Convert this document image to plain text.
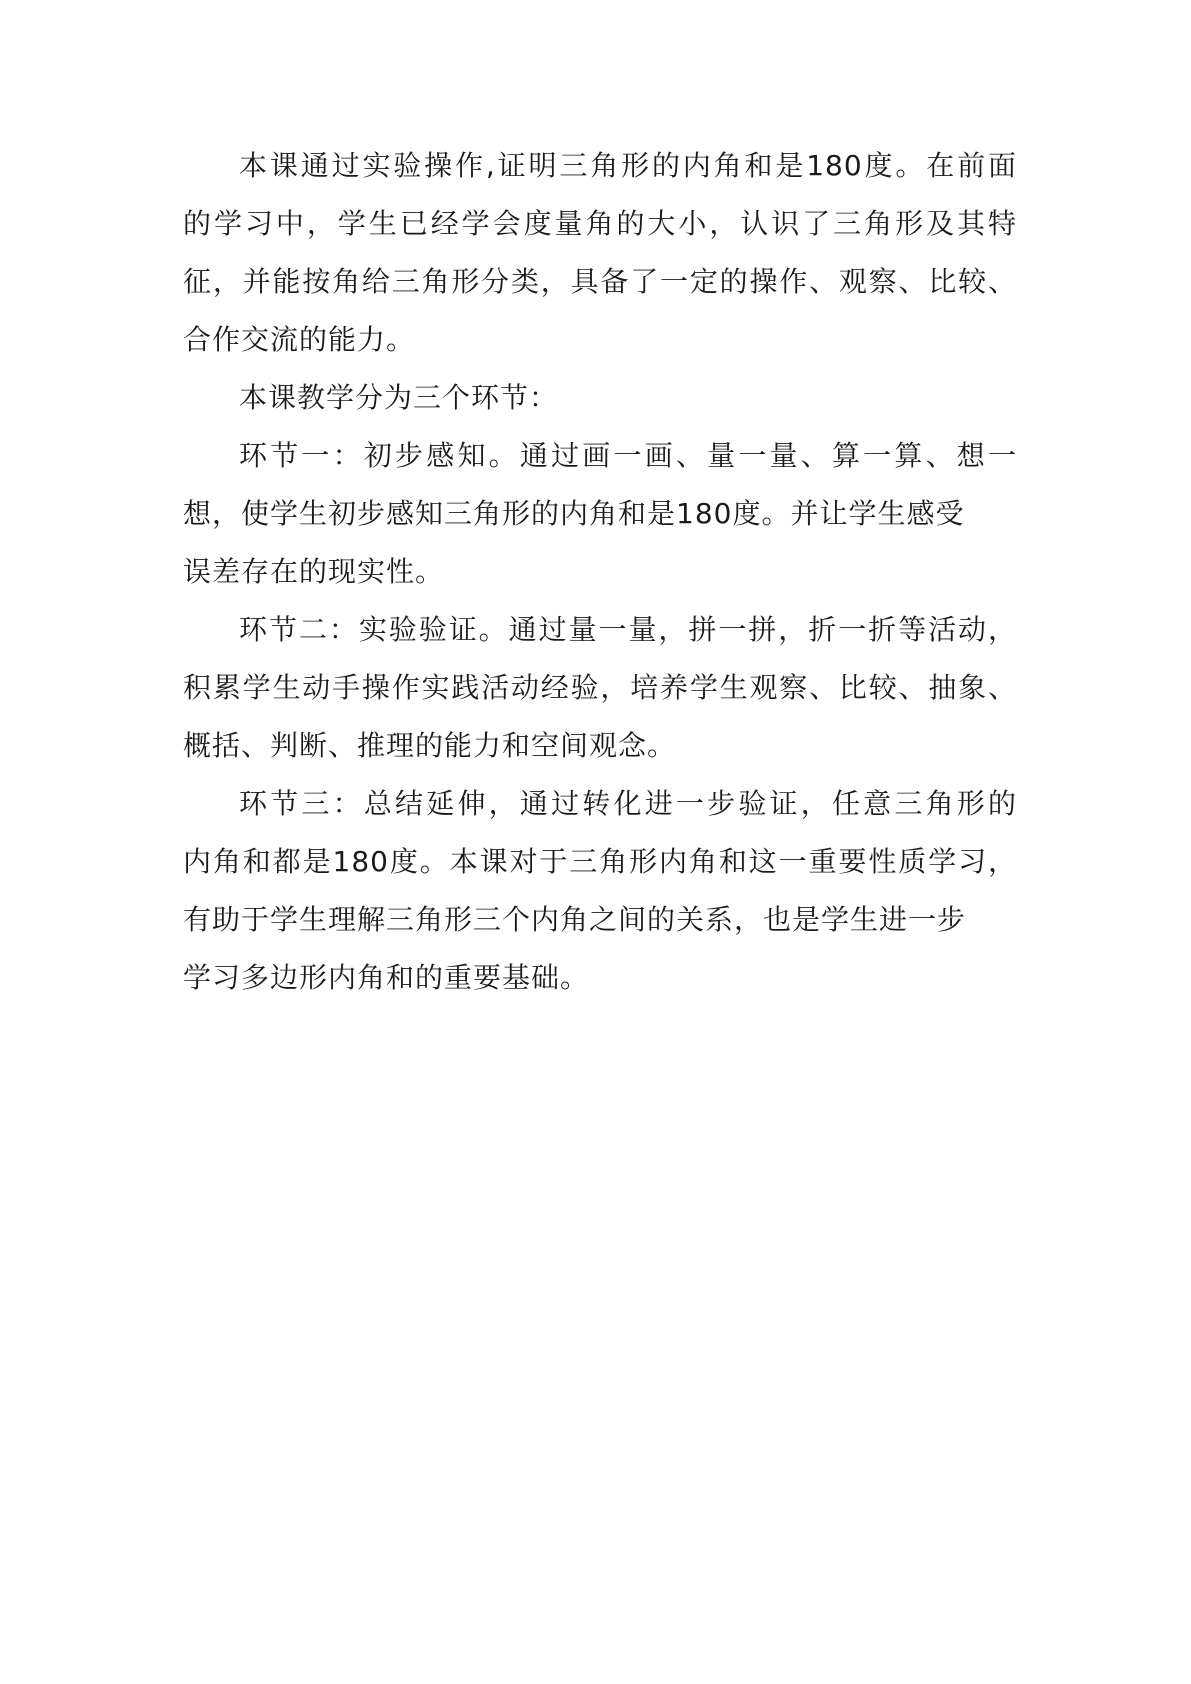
本课通过实验操作,证明三角形的内角和是180度。在前面
的学习中，学生已经学会度量角的大小，认识了三角形及其特
征，并能按角给三角形分类，具备了一定的操作、观察、比较、
合作交流的能力。
本课教学分为三个环节：
环节一：初步感知。通过画一画、量一量、算一算、想一
想，使学生初步感知三角形的内角和是180度。并让学生感受
误差存在的现实性。
环节二：实验验证。通过量一量，拼一拼，折一折等活动，
积累学生动手操作实践活动经验，培养学生观察、比较、抽象、
概括、判断、推理的能力和空间观念。
环节三：总结延伸，通过转化进一步验证，任意三角形的
内角和都是180度。本课对于三角形内角和这一重要性质学习，
有助于学生理解三角形三个内角之间的关系，也是学生进一步
学习多边形内角和的重要基础。
